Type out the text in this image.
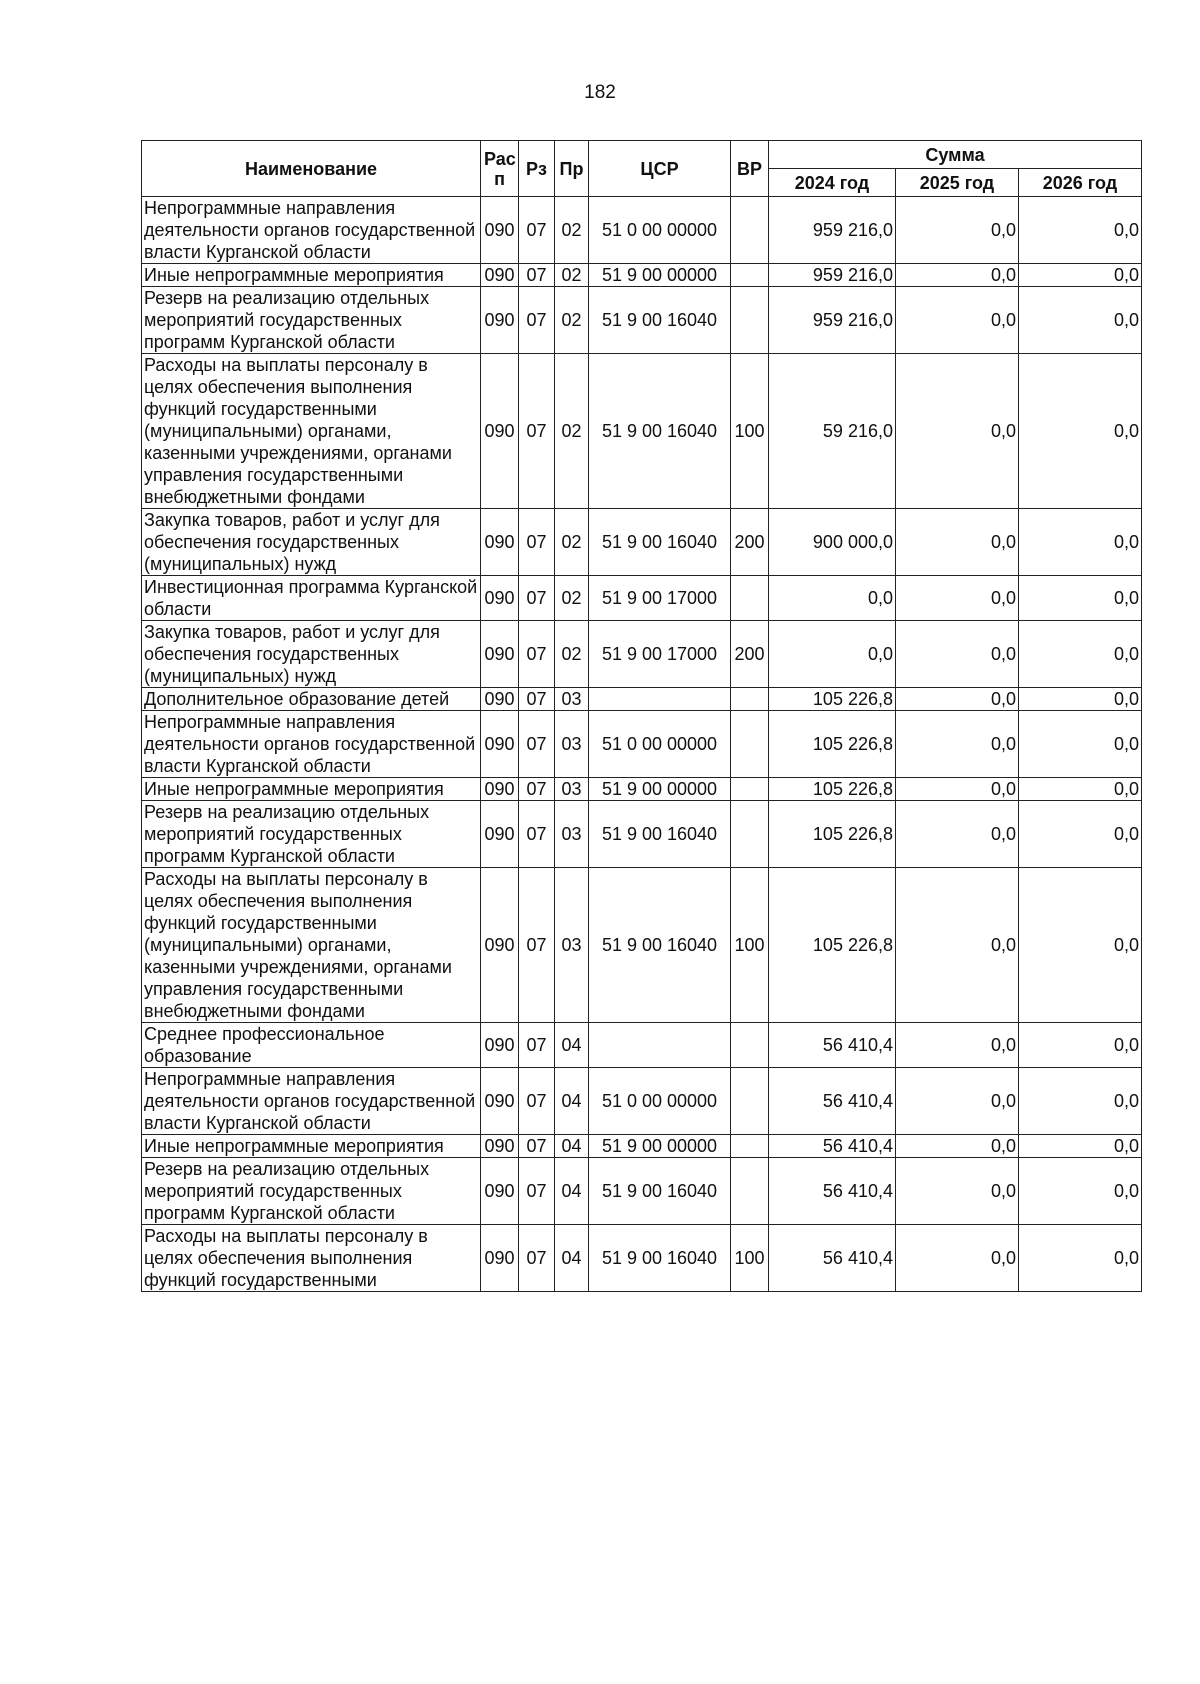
182
Наименование	Рас п	Рз	Пр	ЦСР	ВР	Сумма		
						2024 год	2025 год	2026 год
Непрограммные направления деятельности органов государственной власти Курганской области	090	07	02	51 0 00 00000		959 216,0	0,0	0,0
Иные непрограммные мероприятия	090	07	02	51 9 00 00000		959 216,0	0,0	0,0
Резерв на реализацию отдельных мероприятий государственных программ Курганской области	090	07	02	51 9 00 16040		959 216,0	0,0	0,0
Расходы на выплаты персоналу в целях обеспечения выполнения функций государственными (муниципальными) органами, казенными учреждениями, органами управления государственными внебюджетными фондами	090	07	02	51 9 00 16040	100	59 216,0	0,0	0,0
Закупка товаров, работ и услуг для обеспечения государственных (муниципальных) нужд	090	07	02	51 9 00 16040	200	900 000,0	0,0	0,0
Инвестиционная программа Курганской области	090	07	02	51 9 00 17000		0,0	0,0	0,0
Закупка товаров, работ и услуг для обеспечения государственных (муниципальных) нужд	090	07	02	51 9 00 17000	200	0,0	0,0	0,0
Дополнительное образование детей	090	07	03			105 226,8	0,0	0,0
Непрограммные направления деятельности органов государственной власти Курганской области	090	07	03	51 0 00 00000		105 226,8	0,0	0,0
Иные непрограммные мероприятия	090	07	03	51 9 00 00000		105 226,8	0,0	0,0
Резерв на реализацию отдельных мероприятий государственных программ Курганской области	090	07	03	51 9 00 16040		105 226,8	0,0	0,0
Расходы на выплаты персоналу в целях обеспечения выполнения функций государственными (муниципальными) органами, казенными учреждениями, органами управления государственными внебюджетными фондами	090	07	03	51 9 00 16040	100	105 226,8	0,0	0,0
Среднее профессиональное образование	090	07	04			56 410,4	0,0	0,0
Непрограммные направления деятельности органов государственной власти Курганской области	090	07	04	51 0 00 00000		56 410,4	0,0	0,0
Иные непрограммные мероприятия	090	07	04	51 9 00 00000		56 410,4	0,0	0,0
Резерв на реализацию отдельных мероприятий государственных программ Курганской области	090	07	04	51 9 00 16040		56 410,4	0,0	0,0
Расходы на выплаты персоналу в целях обеспечения выполнения функций государственными	090	07	04	51 9 00 16040	100	56 410,4	0,0	0,0
